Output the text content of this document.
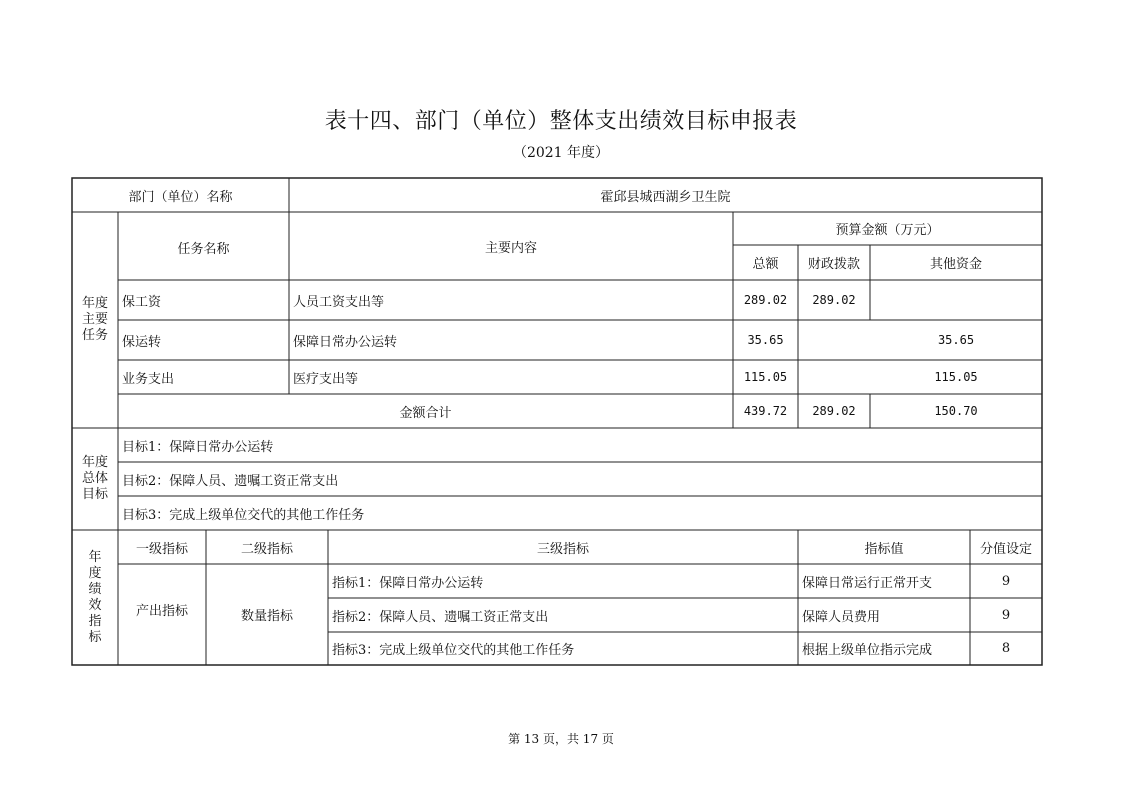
表十四、部门（单位）整体支出绩效目标申报表
（2021 年度）
部门（单位）名称	霍邱县城西湖乡卫生院
年度
主要
任务
任务名称	主要内容
预算金额（万元）
总额	财政拨款	其他资金
保工资	人员工资支出等	289.02	289.02
保运转	保障日常办公运转	35.65	35.65
业务支出	医疗支出等	115.05	115.05
金额合计	439.72	289.02	150.70
年度
总体
目标
目标1：保障日常办公运转
目标2：保障人员、遗嘱工资正常支出
目标3：完成上级单位交代的其他工作任务
年
度
绩
效
指
标
一级指标	二级指标	三级指标	指标值	分值设定
产出指标	数量指标
指标1：保障日常办公运转	保障日常运行正常开支	9
指标2：保障人员、遗嘱工资正常支出	保障人员费用	9
指标3：完成上级单位交代的其他工作任务	根据上级单位指示完成	8
第 13 页，共 17 页
